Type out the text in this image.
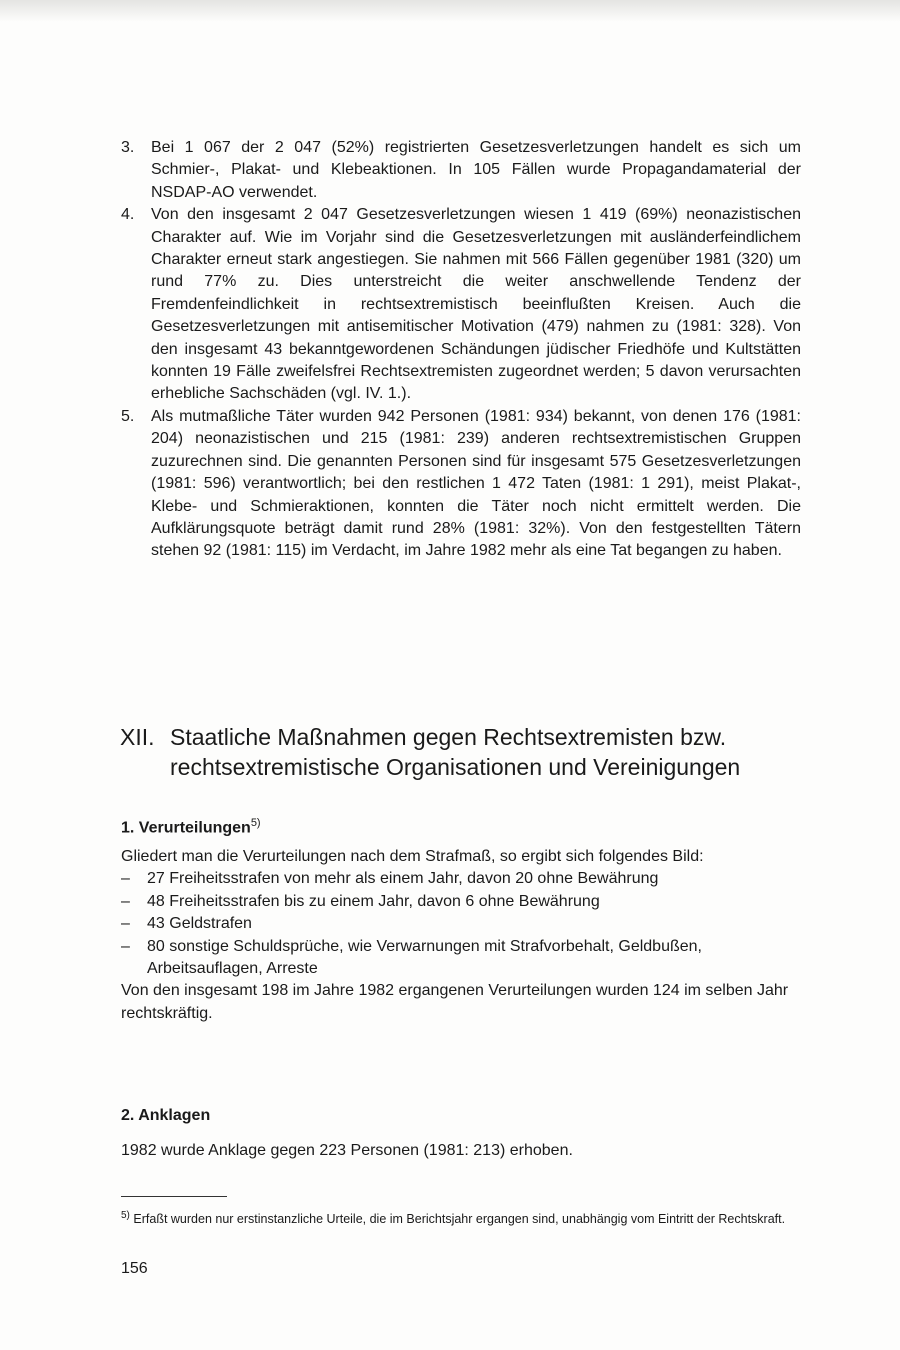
3. Bei 1 067 der 2 047 (52%) registrierten Gesetzesverletzungen handelt es sich um Schmier-, Plakat- und Klebeaktionen. In 105 Fällen wurde Propagandamaterial der NSDAP-AO verwendet.
4. Von den insgesamt 2 047 Gesetzesverletzungen wiesen 1 419 (69%) neonazistischen Charakter auf. Wie im Vorjahr sind die Gesetzesverletzungen mit ausländerfeindlichem Charakter erneut stark angestiegen. Sie nahmen mit 566 Fällen gegenüber 1981 (320) um rund 77% zu. Dies unterstreicht die weiter anschwellende Tendenz der Fremdenfeindlichkeit in rechtsextremistisch beeinflußten Kreisen. Auch die Gesetzesverletzungen mit antisemitischer Motivation (479) nahmen zu (1981: 328). Von den insgesamt 43 bekanntgewordenen Schändungen jüdischer Friedhöfe und Kultstätten konnten 19 Fälle zweifelsfrei Rechtsextremisten zugeordnet werden; 5 davon verursachten erhebliche Sachschäden (vgl. IV. 1.).
5. Als mutmaßliche Täter wurden 942 Personen (1981: 934) bekannt, von denen 176 (1981: 204) neonazistischen und 215 (1981: 239) anderen rechtsextremistischen Gruppen zuzurechnen sind. Die genannten Personen sind für insgesamt 575 Gesetzesverletzungen (1981: 596) verantwortlich; bei den restlichen 1 472 Taten (1981: 1 291), meist Plakat-, Klebe- und Schmieraktionen, konnten die Täter noch nicht ermittelt werden. Die Aufklärungsquote beträgt damit rund 28% (1981: 32%). Von den festgestellten Tätern stehen 92 (1981: 115) im Verdacht, im Jahre 1982 mehr als eine Tat begangen zu haben.
XII. Staatliche Maßnahmen gegen Rechtsextremisten bzw. rechtsextremistische Organisationen und Vereinigungen
1. Verurteilungen$^{5)}$

Gliedert man die Verurteilungen nach dem Strafmaß, so ergibt sich folgendes Bild:

– 27 Freiheitsstrafen von mehr als einem Jahr, davon 20 ohne Bewährung
– 48 Freiheitsstrafen bis zu einem Jahr, davon 6 ohne Bewährung
– 43 Geldstrafen
– 80 sonstige Schuldsprüche, wie Verwarnungen mit Strafvorbehalt, Geldbußen, Arbeitsauflagen, Arreste

Von den insgesamt 198 im Jahre 1982 ergangenen Verurteilungen wurden 124 im selben Jahr rechtskräftig.

2. Anklagen

1982 wurde Anklage gegen 223 Personen (1981: 213) erhoben.

$^{5)}$ Erfaßt wurden nur erstinstanzliche Urteile, die im Berichtsjahr ergangen sind, unabhängig vom Eintritt der Rechtskraft.
156
